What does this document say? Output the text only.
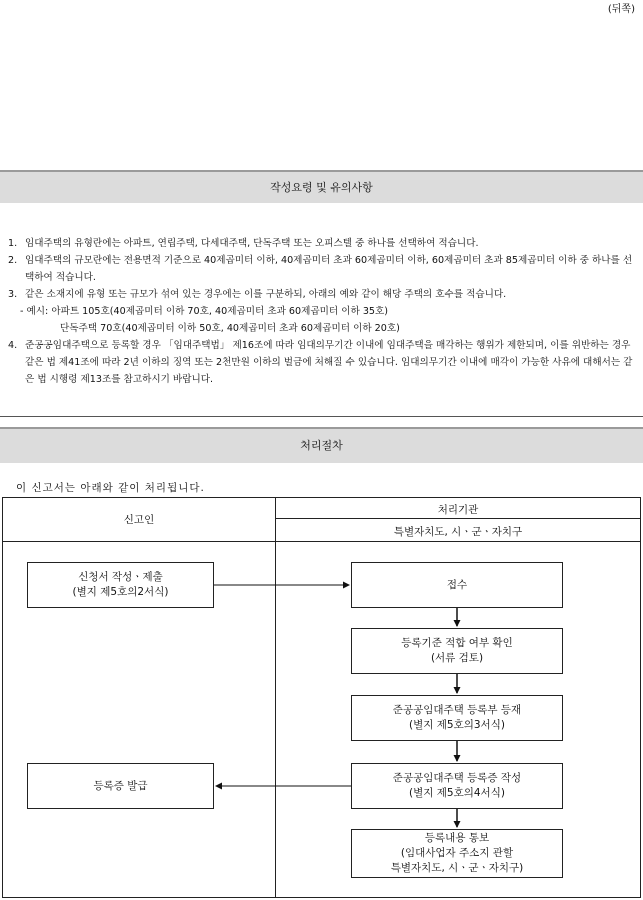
(뒤쪽)
작성요령 및 유의사항
1. 임대주택의 유형란에는 아파트, 연립주택, 다세대주택, 단독주택 또는 오피스텔 중 하나를 선택하여 적습니다.
2. 임대주택의 규모란에는 전용면적 기준으로 40제곱미터 이하, 40제곱미터 초과 60제곱미터 이하, 60제곱미터 초과 85제곱미터 이하 중 하나를 선택하여 적습니다.
3. 같은 소재지에 유형 또는 규모가 섞여 있는 경우에는 이를 구분하되, 아래의 예와 같이 해당 주택의 호수를 적습니다.
- 예시: 아파트 105호(40제곱미터 이하 70호, 40제곱미터 초과 60제곱미터 이하 35호)
단독주택 70호(40제곱미터 이하 50호, 40제곱미터 초과 60제곱미터 이하 20호)
4. 준공공임대주택으로 등록할 경우 「임대주택법」 제16조에 따라 임대의무기간 이내에 임대주택을 매각하는 행위가 제한되며, 이를 위반하는 경우 같은 법 제41조에 따라 2년 이하의 징역 또는 2천만원 이하의 벌금에 처해질 수 있습니다. 임대의무기간 이내에 매각이 가능한 사유에 대해서는 같은 법 시행령 제13조를 참고하시기 바랍니다.
처리절차
이 신고서는 아래와 같이 처리됩니다.
신고인
처리기관
특별자치도, 시ㆍ군ㆍ자치구
신청서 작성ㆍ제출
(별지 제5호의2서식)
등록증 발급
접수
등록기준 적합 여부 확인
(서류 검토)
준공공임대주택 등록부 등재
(별지 제5호의3서식)
준공공임대주택 등록증 작성
(별지 제5호의4서식)
등록내용 통보
(임대사업자 주소지 관할
특별자치도, 시ㆍ군ㆍ자치구)
